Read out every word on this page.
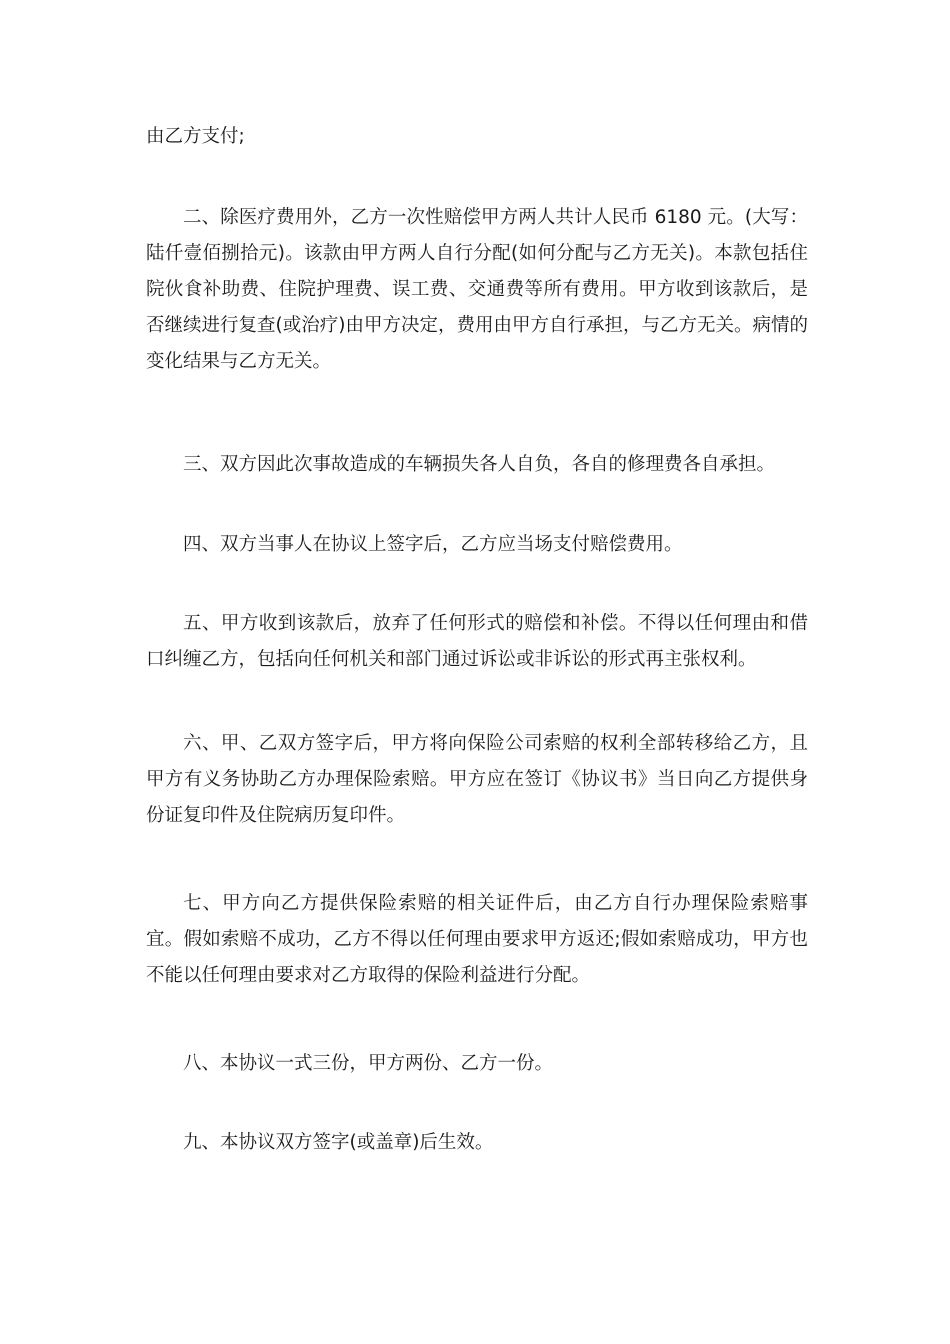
由乙方支付;

二、除医疗费用外，乙方一次性赔偿甲方两人共计人民币 6180 元。(大写：陆仟壹佰捌拾元)。该款由甲方两人自行分配(如何分配与乙方无关)。本款包括住院伙食补助费、住院护理费、误工费、交通费等所有费用。甲方收到该款后，是否继续进行复查(或治疗)由甲方决定，费用由甲方自行承担，与乙方无关。病情的变化结果与乙方无关。

三、双方因此次事故造成的车辆损失各人自负，各自的修理费各自承担。

四、双方当事人在协议上签字后，乙方应当场支付赔偿费用。

五、甲方收到该款后，放弃了任何形式的赔偿和补偿。不得以任何理由和借口纠缠乙方，包括向任何机关和部门通过诉讼或非诉讼的形式再主张权利。

六、甲、乙双方签字后，甲方将向保险公司索赔的权利全部转移给乙方，且甲方有义务协助乙方办理保险索赔。甲方应在签订《协议书》当日向乙方提供身份证复印件及住院病历复印件。

七、甲方向乙方提供保险索赔的相关证件后，由乙方自行办理保险索赔事宜。假如索赔不成功，乙方不得以任何理由要求甲方返还;假如索赔成功，甲方也不能以任何理由要求对乙方取得的保险利益进行分配。

八、本协议一式三份，甲方两份、乙方一份。

九、本协议双方签字(或盖章)后生效。
